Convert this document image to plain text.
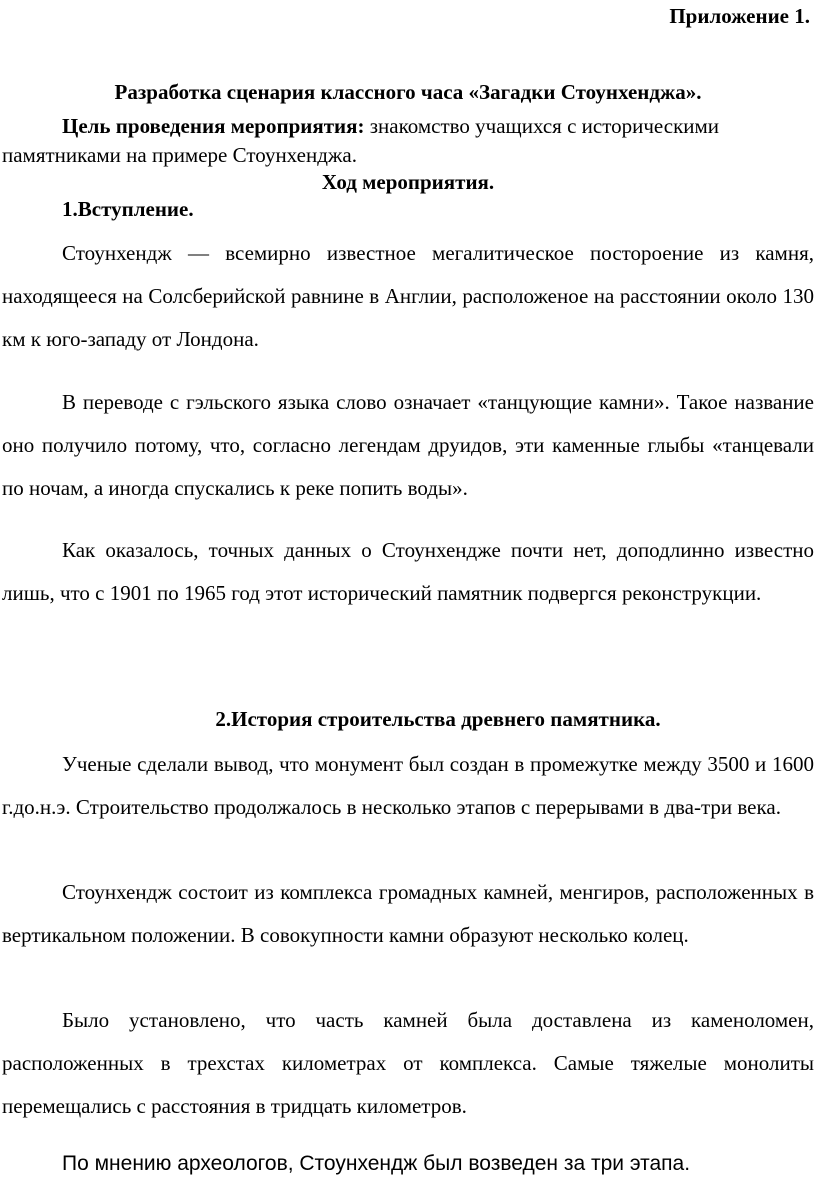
Приложение 1.
Разработка сценария классного часа «Загадки Стоунхенджа».
Цель проведения мероприятия: знакомство учащихся с историческими памятниками на примере Стоунхенджа.
Ход мероприятия.
1.Вступление.
Стоунхендж — всемирно известное мегалитическое постороение из камня, находящееся на Солсберийской равнине в Англии, расположеное на расстоянии около 130 км к юго-западу от Лондона.
В переводе с гэльского языка слово означает «танцующие камни». Такое название оно получило потому, что, согласно легендам друидов, эти каменные глыбы «танцевали по ночам, а иногда спускались к реке попить воды».
Как оказалось, точных данных о Стоунхендже почти нет, доподлинно известно лишь, что с 1901 по 1965 год этот исторический памятник подвергся реконструкции.
2.История строительства древнего памятника.
Ученые сделали вывод, что монумент был создан в промежутке между 3500 и 1600 г.до.н.э. Строительство продолжалось в несколько этапов с перерывами в два-три века.
Стоунхендж состоит из комплекса громадных камней, менгиров, расположенных в вертикальном положении. В совокупности камни образуют несколько колец.
Было установлено, что часть камней была доставлена из каменоломен, расположенных в трехстах километрах от комплекса. Самые тяжелые монолиты перемещались с расстояния в тридцать километров.
По мнению археологов, Стоунхендж был возведен за три этапа.
